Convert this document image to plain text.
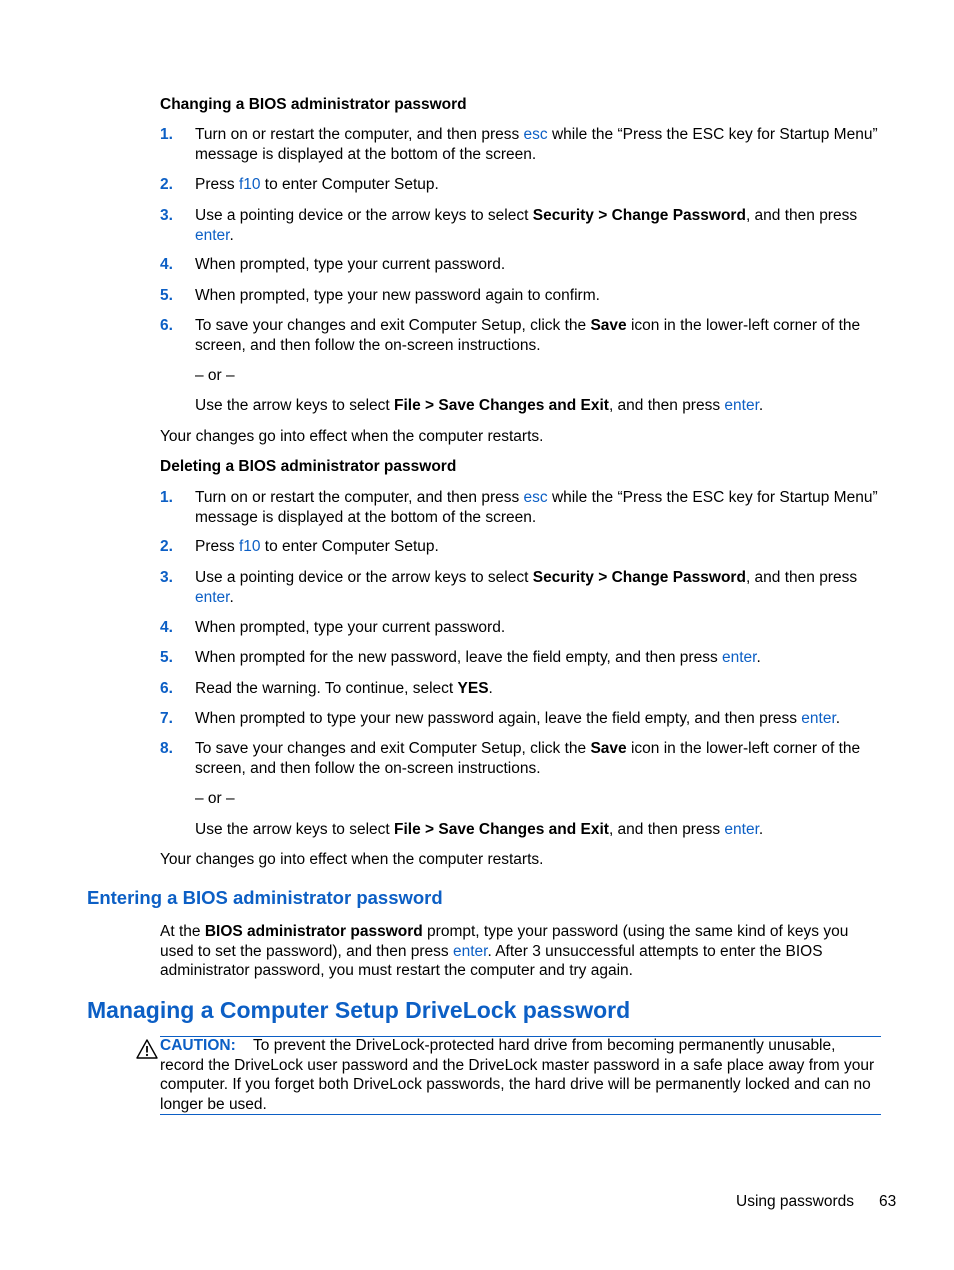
Changing a BIOS administrator password
1. Turn on or restart the computer, and then press esc while the “Press the ESC key for Startup Menu” message is displayed at the bottom of the screen.
2. Press f10 to enter Computer Setup.
3. Use a pointing device or the arrow keys to select Security > Change Password, and then press enter.
4. When prompted, type your current password.
5. When prompted, type your new password again to confirm.
6. To save your changes and exit Computer Setup, click the Save icon in the lower-left corner of the screen, and then follow the on-screen instructions.
– or –
Use the arrow keys to select File > Save Changes and Exit, and then press enter.
Your changes go into effect when the computer restarts.
Deleting a BIOS administrator password
1. Turn on or restart the computer, and then press esc while the “Press the ESC key for Startup Menu” message is displayed at the bottom of the screen.
2. Press f10 to enter Computer Setup.
3. Use a pointing device or the arrow keys to select Security > Change Password, and then press enter.
4. When prompted, type your current password.
5. When prompted for the new password, leave the field empty, and then press enter.
6. Read the warning. To continue, select YES.
7. When prompted to type your new password again, leave the field empty, and then press enter.
8. To save your changes and exit Computer Setup, click the Save icon in the lower-left corner of the screen, and then follow the on-screen instructions.
– or –
Use the arrow keys to select File > Save Changes and Exit, and then press enter.
Your changes go into effect when the computer restarts.
Entering a BIOS administrator password
At the BIOS administrator password prompt, type your password (using the same kind of keys you used to set the password), and then press enter. After 3 unsuccessful attempts to enter the BIOS administrator password, you must restart the computer and try again.
Managing a Computer Setup DriveLock password
CAUTION: To prevent the DriveLock-protected hard drive from becoming permanently unusable, record the DriveLock user password and the DriveLock master password in a safe place away from your computer. If you forget both DriveLock passwords, the hard drive will be permanently locked and can no longer be used.
Using passwords 63
